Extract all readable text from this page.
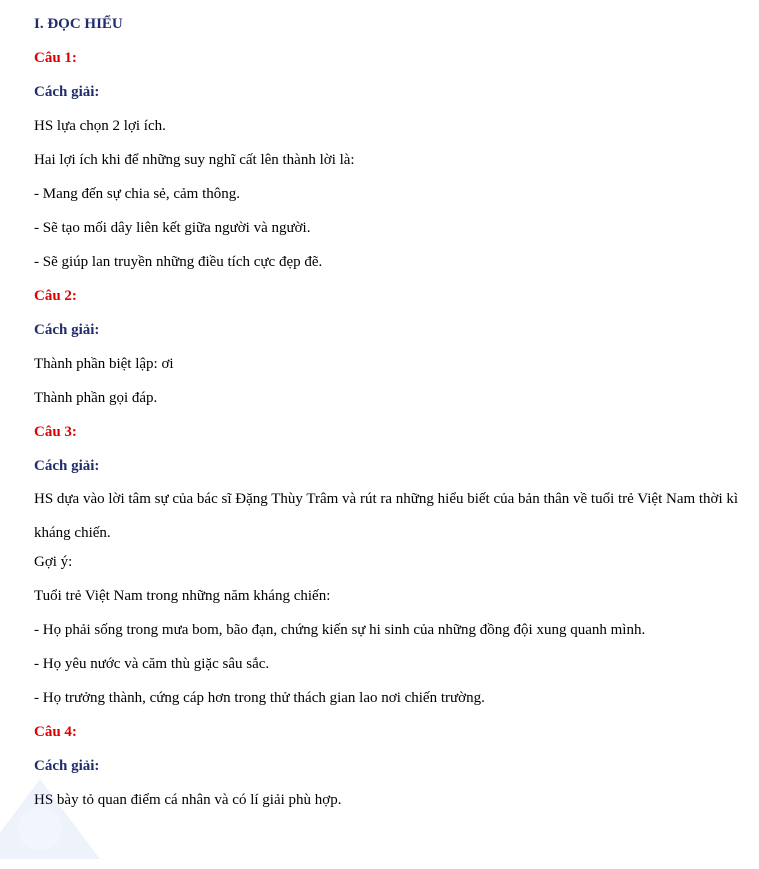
I. ĐỌC HIỂU
Câu 1:
Cách giải:
HS lựa chọn 2 lợi ích.
Hai lợi ích khi để những suy nghĩ cất lên thành lời là:
- Mang đến sự chia sẻ, cảm thông.
- Sẽ tạo mối dây liên kết giữa người và người.
- Sẽ giúp lan truyền những điều tích cực đẹp đẽ.
Câu 2:
Cách giải:
Thành phần biệt lập: ơi
Thành phần gọi đáp.
Câu 3:
Cách giải:
HS dựa vào lời tâm sự của bác sĩ Đặng Thùy Trâm và rút ra những hiểu biết của bản thân về tuổi trẻ Việt Nam thời kì kháng chiến.
Gợi ý:
Tuổi trẻ Việt Nam trong những năm kháng chiến:
- Họ phải sống trong mưa bom, bão đạn, chứng kiến sự hi sinh của những đồng đội xung quanh mình.
- Họ yêu nước và căm thù giặc sâu sắc.
- Họ trưởng thành, cứng cáp hơn trong thử thách gian lao nơi chiến trường.
Câu 4:
Cách giải:
HS bày tỏ quan điểm cá nhân và có lí giải phù hợp.
